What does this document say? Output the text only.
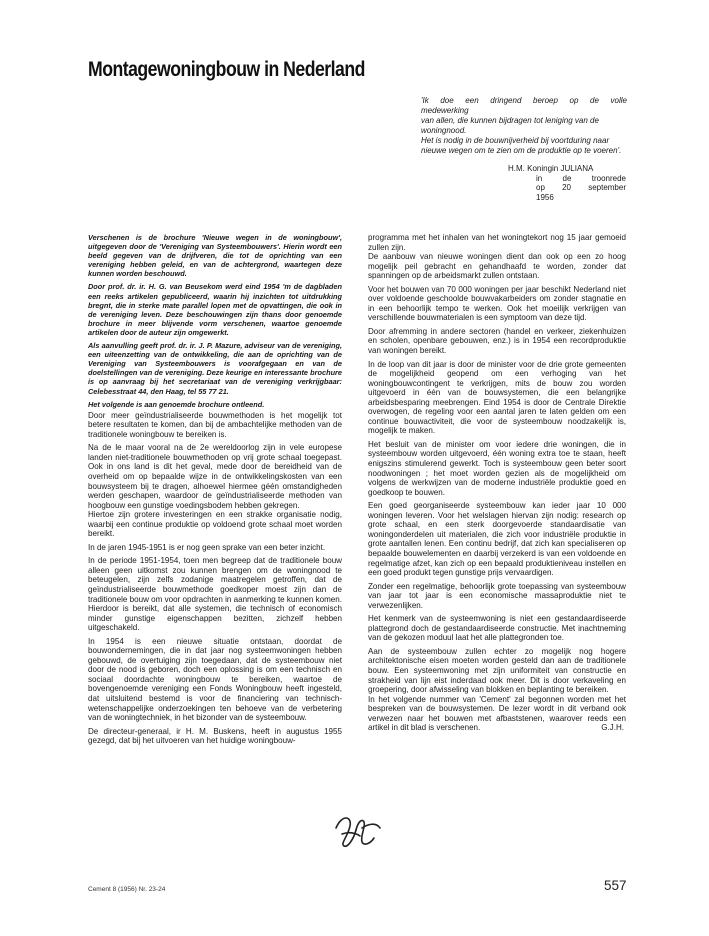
Montagewoningbouw in Nederland

'Ik doe een dringend beroep op de volle

medewerking

van allen, die kunnen bijdragen tot leniging van de woningnood.

Het is nodig in de bouwnijverheid bij voortduring naar nieuwe wegen om te zien om de produktie op te voeren'.

H.M. Koningin JULIANA

in de troonrede

op 20 september

1956

Verschenen is de brochure 'Nieuwe wegen in de woningbouw', uitgegeven door de 'Vereniging van Systeembouwers'. Hierin wordt een beeld gegeven van de drijfveren, die tot de oprichting van een vereniging hebben geleid, en van de achtergrond, waartegen deze kunnen worden beschouwd.

Door prof. dr. ir. H. G. van Beusekom werd eind 1954 'm de dagbladen een reeks artikelen gepubliceerd, waarin hij inzichten tot uitdrukking bregnt, die in sterke mate parallel lopen met de opvattingen, die ook in de vereniging leven. Deze beschouwingen zijn thans door genoemde brochure in meer blijvende vorm verschenen, waartoe genoemde artikelen door de auteur zijn omgewerkt.

Als aanvulling geeft prof. dr. ir. J. P. Mazure, adviseur van de vereniging, een uiteenzetting van de ontwikkeling, die aan de oprichting van de Vereniging van Systeembouwers is voorafgegaan en van de doelstellingen van de vereniging. Deze keurige en interessante brochure is op aanvraag bij het secretariaat van de vereniging verkrijgbaar: Celebesstraat 44, den Haag, tel 55 77 21.

Het volgende is aan genoemde brochure ontleend.

Door meer geïndustrialiseerde bouwmethoden is het mogelijk tot betere resultaten te komen, dan bij de ambachtelijke methoden van de traditionele woningbouw te bereiken is.

Na de le maar vooral na de 2e wereldoorlog zijn in vele europese landen niet-traditionele bouwmethoden op vrij grote schaal toegepast. Ook in ons land is dit het geval, mede door de bereidheid van de overheid om op bepaalde wijze in de ontwikkelingskosten van een bouwsysteem bij te dragen, alhoewel hiermee géén omstandigheden werden geschapen, waardoor de geïndustrialiseerde methoden van hoogbouw een gunstige voedingsbodem hebben gekregen.
Hiertoe zijn grotere investeringen en een strakke organisatie nodig, waarbij een continue produktie op voldoend grote schaal moet worden bereikt.

In de jaren 1945-1951 is er nog geen sprake van een beter inzicht.

In de periode 1951-1954, toen men begreep dat de traditionele bouw alleen geen uitkomst zou kunnen brengen om de woningnood te beteugelen, zijn zelfs zodanige maatregelen getroffen, dat de geïndustrialiseerde bouwmethode goedkoper moest zijn dan de traditionele bouw om voor opdrachten in aanmerking te kunnen komen. Hierdoor is bereikt, dat alle systemen, die technisch of economisch minder gunstige eigenschappen bezitten, zichzelf hebben uitgeschakeld.

In 1954 is een nieuwe situatie ontstaan, doordat de bouwondernemingen, die in dat jaar nog systeemwoningen hebben gebouwd, de overtuiging zijn toegedaan, dat de systeembouw niet door de nood is geboren, doch een oplossing is om een technisch en sociaal doordachte woningbouw te bereiken, waartoe de bovengenoemde vereniging een Fonds Woningbouw heeft ingesteld, dat uitsluitend bestemd is voor de financiering van technisch-wetenschappelijke onderzoekingen ten behoeve van de verbetering van de woningtechniek, in het bizonder van de systeembouw.

De directeur-generaal, ir H. M. Buskens, heeft in augustus 1955 gezegd, dat bij het uitvoeren van het huidige woningbouw-

programma met het inhalen van het woningtekort nog 15 jaar gemoeid zullen zijn.
De aanbouw van nieuwe woningen dient dan ook op een zo hoog mogelijk peil gebracht en gehandhaafd te worden, zonder dat spanningen op de arbeidsmarkt zullen ontstaan.

Voor het bouwen van 70 000 woningen per jaar beschikt Nederland niet over voldoende geschoolde bouwvakarbeiders om zonder stagnatie en in een behoorlijk tempo te werken. Ook het moeilijk verkrijgen van verschillende bouwmaterialen is een symptoom van deze tijd.

Door afremming in andere sectoren (handel en verkeer, ziekenhuizen en scholen, openbare gebouwen, enz.) is in 1954 een recordproduktie van woningen bereikt.

In de loop van dit jaar is door de minister voor de drie grote gemeenten de mogelijkheid geopend om een verhoging van het woningbouwcontingent te verkrijgen, mits de bouw zou worden uitgevoerd in één van de bouwsystemen, die een belangrijke arbeidsbesparing meebrengen. Eind 1954 is door de Centrale Direktie overwogen, de regeling voor een aantal jaren te laten gelden om een continue bouwactiviteit, die voor de systeembouw noodzakelijk is, mogelijk te maken.

Het besluit van de minister om voor iedere drie woningen, die in systeembouw worden uitgevoerd, één woning extra toe te staan, heeft enigszins stimulerend gewerkt. Toch is systeembouw geen beter soort noodwoningen ; het moet worden gezien als de mogelijkheid om volgens de werkwijzen van de moderne industriële produktie goed en goedkoop te bouwen.

Een goed georganiseerde systeembouw kan ieder jaar 10 000 woningen leveren. Voor het welslagen hiervan zijn nodig: research op grote schaal, en een sterk doorgevoerde standaardisatie van woningonderdelen uit materialen, die zich voor industriële produktie in grote aantallen lenen. Een continu bedrijf, dat zich kan specialiseren op bepaalde bouwelementen en daarbij verzekerd is van een voldoende en regelmatige afzet, kan zich op een bepaald produktieniveau instellen en een goed produkt tegen gunstige prijs vervaardigen.

Zonder een regelmatige, behoorlijk grote toepassing van systeembouw van jaar tot jaar is een economische massaproduktie niet te verwezenlijken.

Het kenmerk van de systeemwoning is niet een gestandaardiseerde plattegrond doch de gestandaardiseerde constructie. Met inachtneming van de gekozen moduul laat het alle plattegronden toe.

Aan de systeembouw zullen echter zo mogelijk nog hogere architektonische eisen moeten worden gesteld dan aan de traditionele bouw. Een systeemwoning met zijn uniformiteit van constructie en strakheid van lijn eist inderdaad ook meer. Dit is door verkaveling en groepering, door afwisseling van blokken en beplanting te bereiken.
In het volgende nummer van 'Cement' zal begonnen worden met het bespreken van de bouwsystemen. De lezer wordt in dit verband ook verwezen naar het bouwen met afbaststenen, waarover reeds een artikel in dit blad is verschenen.	G.J.H.

Cement 8 (1956) Nr. 23-24	557
